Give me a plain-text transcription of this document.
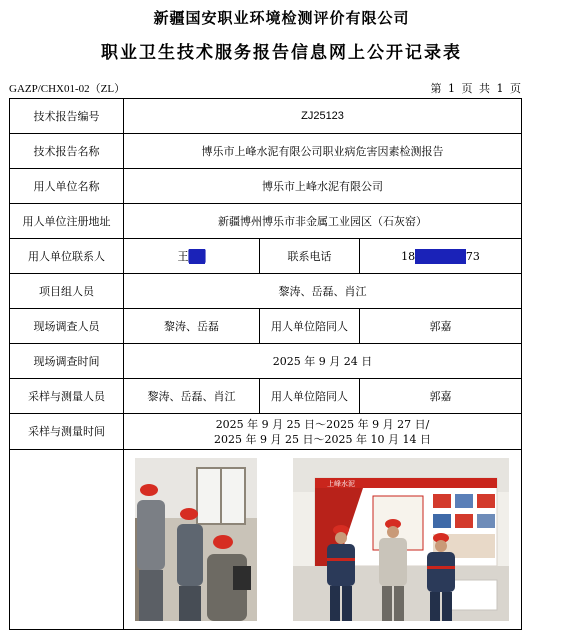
新疆国安职业环境检测评价有限公司
职业卫生技术服务报告信息网上公开记录表
GAZP/CHX01-02（ZL）	第 1 页 共 1 页
技术报告编号	ZJ25123		
技术报告名称	博乐市上峰水泥有限公司职业病危害因素检测报告		
用人单位名称	博乐市上峰水泥有限公司		
用人单位注册地址	新疆博州博乐市非金属工业园区（石灰窑）		
用人单位联系人	王██	联系电话	18██████73
项目组人员	黎涛、岳磊、肖江		
现场调查人员	黎涛、岳磊	用人单位陪同人	郭嘉
现场调查时间	2025 年 9 月 24 日		
采样与测量人员	黎涛、岳磊、肖江	用人单位陪同人	郭嘉
采样与测量时间	2025 年 9 月 25 日～2025 年 9 月 27 日/
2025 年 9 月 25 日～2025 年 10 月 14 日		

上峰水泥		
